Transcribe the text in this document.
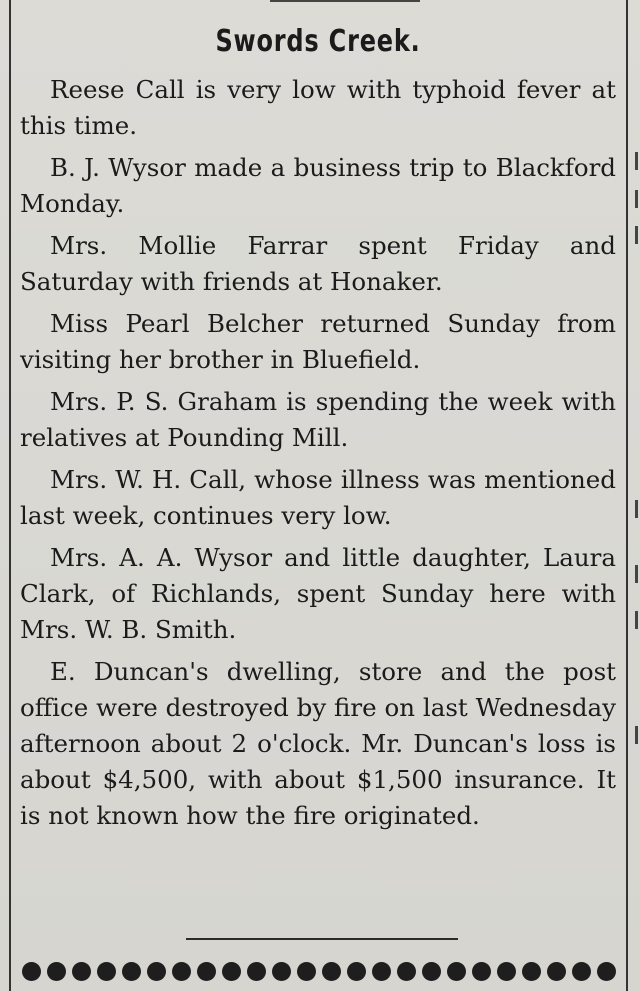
Swords Creek.

Reese Call is very low with typhoid fever at this time.

B. J. Wysor made a business trip to Blackford Monday.

Mrs. Mollie Farrar spent Friday and Saturday with friends at Honaker.

Miss Pearl Belcher returned Sunday from visiting her brother in Bluefield.

Mrs. P. S. Graham is spending the week with relatives at Pounding Mill.

Mrs. W. H. Call, whose illness was mentioned last week, continues very low.

Mrs. A. A. Wysor and little daughter, Laura Clark, of Richlands, spent Sunday here with Mrs. W. B. Smith.

E. Duncan's dwelling, store and the post office were destroyed by fire on last Wednesday afternoon about 2 o'clock. Mr. Duncan's loss is about $4,500, with about $1,500 insurance. It is not known how the fire originated.
